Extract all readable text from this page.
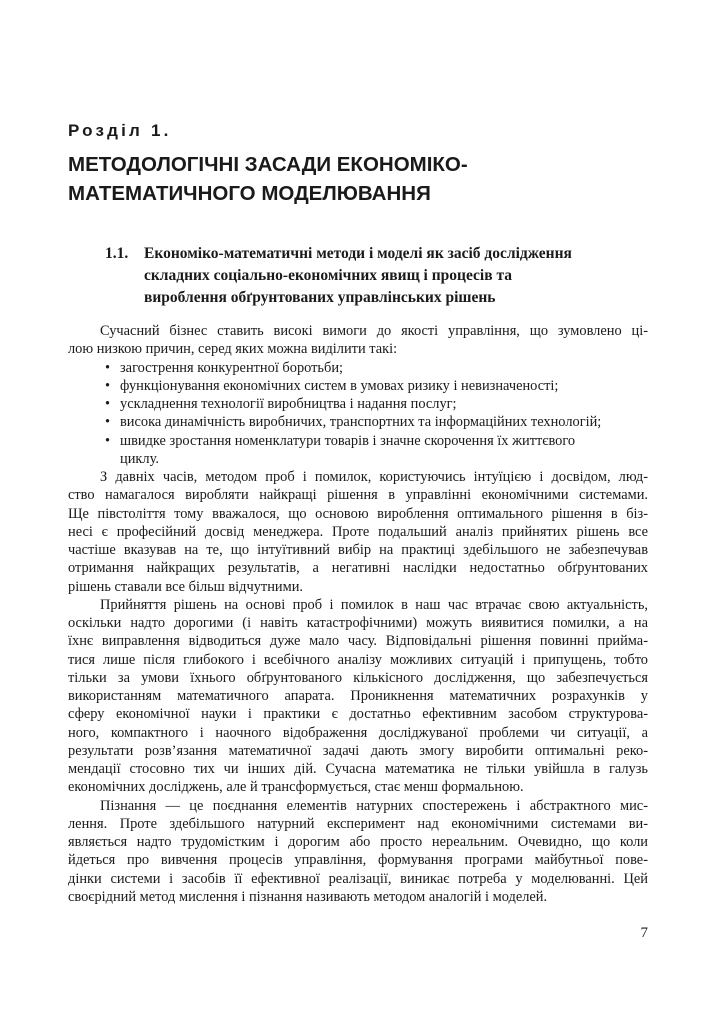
Розділ 1.
МЕТОДОЛОГІЧНІ ЗАСАДИ ЕКОНОМІКО-
МАТЕМАТИЧНОГО МОДЕЛЮВАННЯ
1.1. Економіко-математичні методи і моделі як засіб дослідження
складних соціально-економічних явищ і процесів та
вироблення обґрунтованих управлінських рішень
Сучасний бізнес ставить високі вимоги до якості управління, що зумовлено ці-
лою низкою причин, серед яких можна виділити такі:
• загострення конкурентної боротьби;
• функціонування економічних систем в умовах ризику і невизначеності;
• ускладнення технології виробництва і надання послуг;
• висока динамічність виробничих, транспортних та інформаційних технологій;
• швидке зростання номенклатури товарів і значне скорочення їх життєвого
циклу.
З давніх часів, методом проб і помилок, користуючись інтуїцією і досвідом, люд-
ство намагалося виробляти найкращі рішення в управлінні економічними системами.
Ще півстоліття тому вважалося, що основою вироблення оптимального рішення в біз-
несі є професійний досвід менеджера. Проте подальший аналіз прийнятих рішень все
частіше вказував на те, що інтуїтивний вибір на практиці здебільшого не забезпечував
отримання найкращих результатів, а негативні наслідки недостатньо обґрунтованих
рішень ставали все більш відчутними.
Прийняття рішень на основі проб і помилок в наш час втрачає свою актуальність,
оскільки надто дорогими (і навіть катастрофічними) можуть виявитися помилки, а на
їхнє виправлення відводиться дуже мало часу. Відповідальні рішення повинні прийма-
тися лише після глибокого і всебічного аналізу можливих ситуацій і припущень, тобто
тільки за умови їхнього обґрунтованого кількісного дослідження, що забезпечується
використанням математичного апарата. Проникнення математичних розрахунків у
сферу економічної науки і практики є достатньо ефективним засобом структурова-
ного, компактного і наочного відображення досліджуваної проблеми чи ситуації, а
результати розв’язання математичної задачі дають змогу виробити оптимальні реко-
мендації стосовно тих чи інших дій. Сучасна математика не тільки увійшла в галузь
економічних досліджень, але й трансформується, стає менш формальною.
Пізнання — це поєднання елементів натурних спостережень і абстрактного мис-
лення. Проте здебільшого натурний експеримент над економічними системами ви-
являється надто трудомістким і дорогим або просто нереальним. Очевидно, що коли
йдеться про вивчення процесів управління, формування програми майбутньої пове-
дінки системи і засобів її ефективної реалізації, виникає потреба у моделюванні. Цей
своєрідний метод мислення і пізнання називають методом аналогій і моделей.
7
